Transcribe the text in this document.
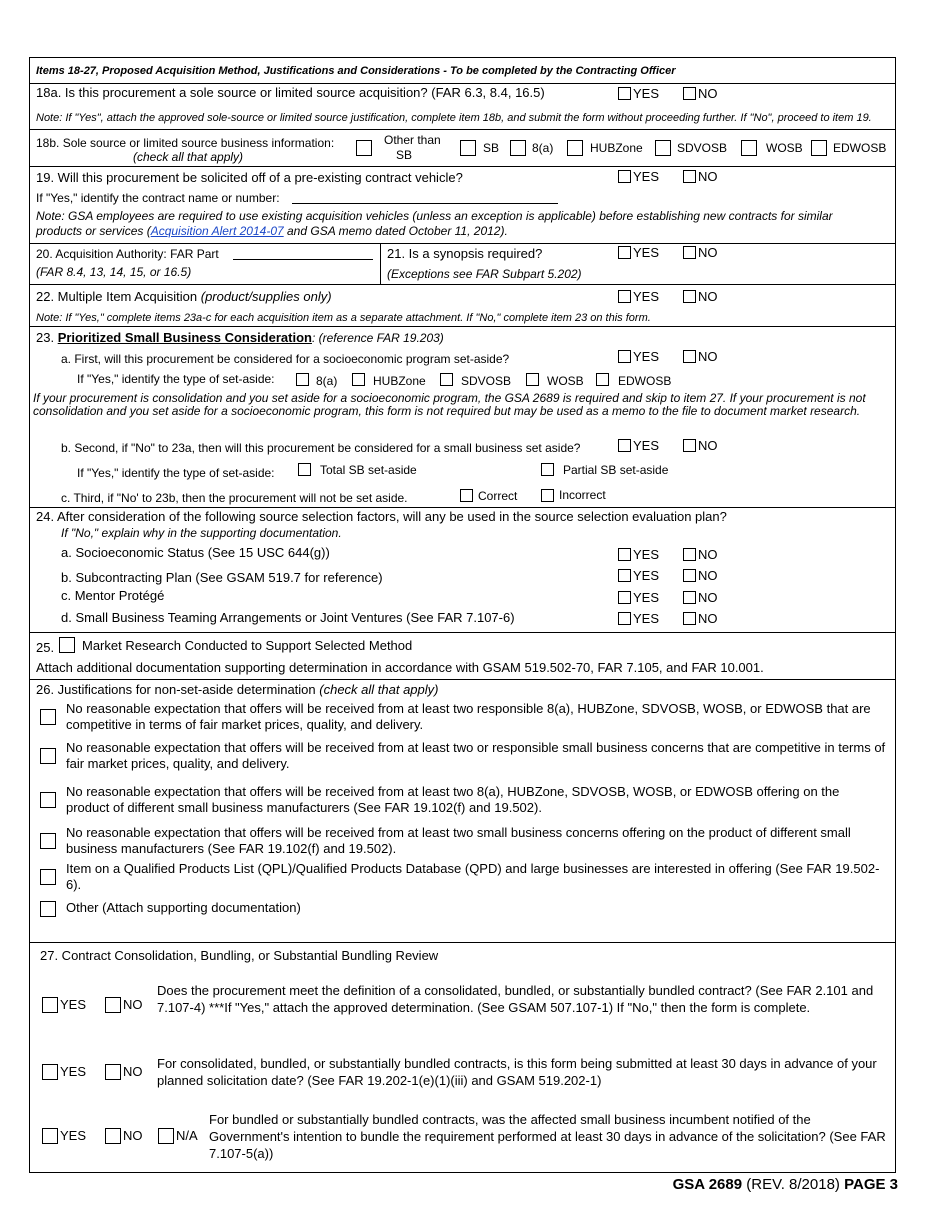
Items 18-27, Proposed Acquisition Method, Justifications and Considerations - To be completed by the Contracting Officer
18a. Is this procurement a sole source or limited source acquisition? (FAR 6.3, 8.4, 16.5)	YES	NO
Note: If "Yes", attach the approved sole-source or limited source justification, complete item 18b, and submit the form without proceeding further. If "No", proceed to item 19.
18b. Sole source or limited source business information:
(check all that apply)
Other than
SB	SB	8(a)	HUBZone	SDVOSB	WOSB	EDWOSB
19. Will this procurement be solicited off of a pre-existing contract vehicle?	YES	NO
If "Yes," identify the contract name or number:
Note: GSA employees are required to use existing acquisition vehicles (unless an exception is applicable) before establishing new contracts for similar products or services (Acquisition Alert 2014-07 and GSA memo dated October 11, 2012).
20. Acquisition Authority: FAR Part
(FAR 8.4, 13, 14, 15, or 16.5)
21. Is a synopsis required?
(Exceptions see FAR Subpart 5.202)
YES	NO
22. Multiple Item Acquisition (product/supplies only)	YES	NO
Note: If "Yes," complete items 23a-c for each acquisition item as a separate attachment. If "No," complete item 23 on this form.
23. Prioritized Small Business Consideration: (reference FAR 19.203)
a. First, will this procurement be considered for a socioeconomic program set-aside?	YES	NO
If "Yes," identify the type of set-aside:	8(a)	HUBZone	SDVOSB	WOSB	EDWOSB
If your procurement is consolidation and you set aside for a socioeconomic program, the GSA 2689 is required and skip to item 27. If your procurement is not consolidation and you set aside for a socioeconomic program, this form is not required but may be used as a memo to the file to document market research.
b. Second, if "No" to 23a, then will this procurement be considered for a small business set aside?	YES	NO
If "Yes," identify the type of set-aside:	Total SB set-aside	Partial SB set-aside
c. Third, if "No' to 23b, then the procurement will not be set aside.	Correct	Incorrect
24. After consideration of the following source selection factors, will any be used in the source selection evaluation plan?
If "No," explain why in the supporting documentation.
a. Socioeconomic Status (See 15 USC 644(g))	YES	NO
b. Subcontracting Plan (See GSAM 519.7 for reference)	YES	NO
c. Mentor Protégé	YES	NO
d. Small Business Teaming Arrangements or Joint Ventures (See FAR 7.107-6)	YES	NO
25. Market Research Conducted to Support Selected Method
Attach additional documentation supporting determination in accordance with GSAM 519.502-70, FAR 7.105, and FAR 10.001.
26. Justifications for non-set-aside determination (check all that apply)
No reasonable expectation that offers will be received from at least two responsible 8(a), HUBZone, SDVOSB, WOSB, or EDWOSB that are competitive in terms of fair market prices, quality, and delivery.
No reasonable expectation that offers will be received from at least two or responsible small business concerns that are competitive in terms of fair market prices, quality, and delivery.
No reasonable expectation that offers will be received from at least two 8(a), HUBZone, SDVOSB, WOSB, or EDWOSB offering on the product of different small business manufacturers (See FAR 19.102(f) and 19.502).
No reasonable expectation that offers will be received from at least two small business concerns offering on the product of different small business manufacturers (See FAR 19.102(f) and 19.502).
Item on a Qualified Products List (QPL)/Qualified Products Database (QPD) and large businesses are interested in offering (See FAR 19.502-6).
Other (Attach supporting documentation)
27. Contract Consolidation, Bundling, or Substantial Bundling Review
YES	NO
Does the procurement meet the definition of a consolidated, bundled, or substantially bundled contract? (See FAR 2.101 and 7.107-4) ***If "Yes," attach the approved determination. (See GSAM 507.107-1) If "No," then the form is complete.
YES	NO
For consolidated, bundled, or substantially bundled contracts, is this form being submitted at least 30 days in advance of your planned solicitation date? (See FAR 19.202-1(e)(1)(iii) and GSAM 519.202-1)
YES	NO	N/A
For bundled or substantially bundled contracts, was the affected small business incumbent notified of the Government's intention to bundle the requirement performed at least 30 days in advance of the solicitation? (See FAR 7.107-5(a))
GSA 2689 (REV. 8/2018) PAGE 3
